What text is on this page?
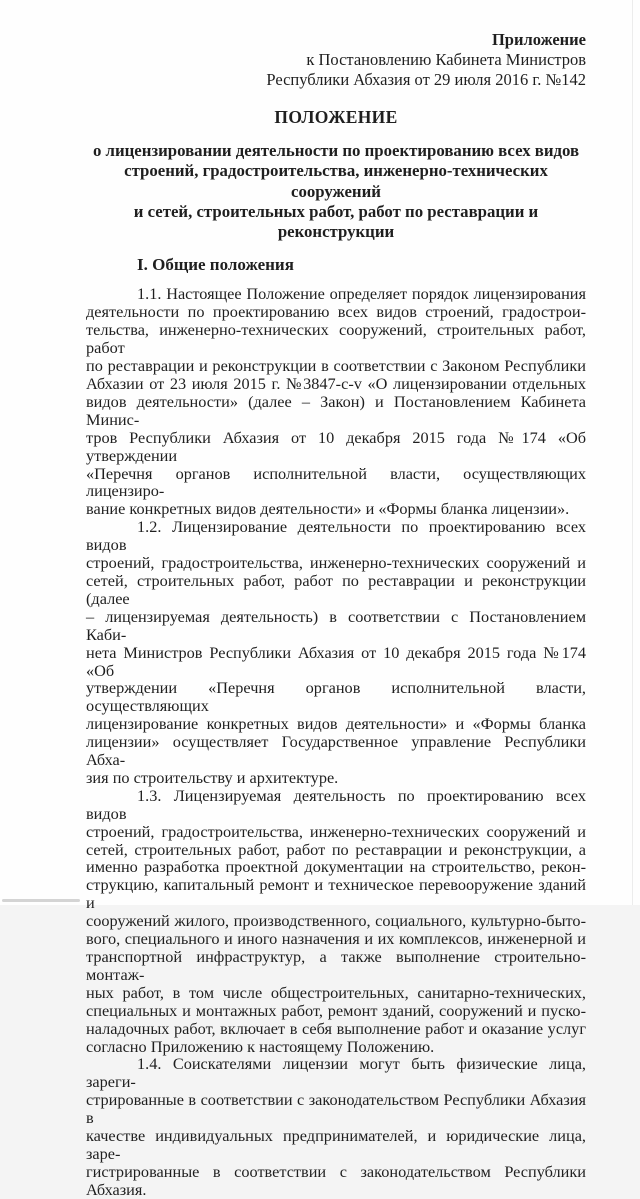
Приложение
к Постановлению Кабинета Министров
Республики Абхазия от 29 июля 2016 г. №142
ПОЛОЖЕНИЕ
о лицензировании деятельности по проектированию всех видов
строений, градостроительства, инженерно-технических сооружений
и сетей, строительных работ, работ по реставрации и реконструкции
I. Общие положения
1.1. Настоящее Положение определяет порядок лицензирования
деятельности по проектированию всех видов строений, градострои-
тельства, инженерно-технических сооружений, строительных работ, работ
по реставрации и реконструкции в соответствии с Законом Республики
Абхазии от 23 июля 2015 г. №3847-с-v «О лицензировании отдельных
видов деятельности» (далее – Закон) и Постановлением Кабинета Минис-
тров Республики Абхазия от 10 декабря 2015 года №174 «Об утверждении
«Перечня органов исполнительной власти, осуществляющих лицензиро-
вание конкретных видов деятельности» и «Формы бланка лицензии».
1.2. Лицензирование деятельности по проектированию всех видов
строений, градостроительства, инженерно-технических сооружений и
сетей, строительных работ, работ по реставрации и реконструкции (далее
– лицензируемая деятельность) в соответствии с Постановлением Каби-
нета Министров Республики Абхазия от 10 декабря 2015 года №174 «Об
утверждении «Перечня органов исполнительной власти, осуществляющих
лицензирование конкретных видов деятельности» и «Формы бланка
лицензии» осуществляет Государственное управление Республики Абха-
зия по строительству и архитектуре.
1.3. Лицензируемая деятельность по проектированию всех видов
строений, градостроительства, инженерно-технических сооружений и
сетей, строительных работ, работ по реставрации и реконструкции, а
именно разработка проектной документации на строительство, рекон-
струкцию, капитальный ремонт и техническое перевооружение зданий и
сооружений жилого, производственного, социального, культурно-быто-
вого, специального и иного назначения и их комплексов, инженерной и
транспортной инфраструктур, а также выполнение строительно-монтаж-
ных работ, в том числе общестроительных, санитарно-технических,
специальных и монтажных работ, ремонт зданий, сооружений и пуско-
наладочных работ, включает в себя выполнение работ и оказание услуг
согласно Приложению к настоящему Положению.
1.4. Соискателями лицензии могут быть физические лица, зареги-
стрированные в соответствии с законодательством Республики Абхазия в
качестве индивидуальных предпринимателей, и юридические лица, заре-
гистрированные в соответствии с законодательством Республики Абхазия.
